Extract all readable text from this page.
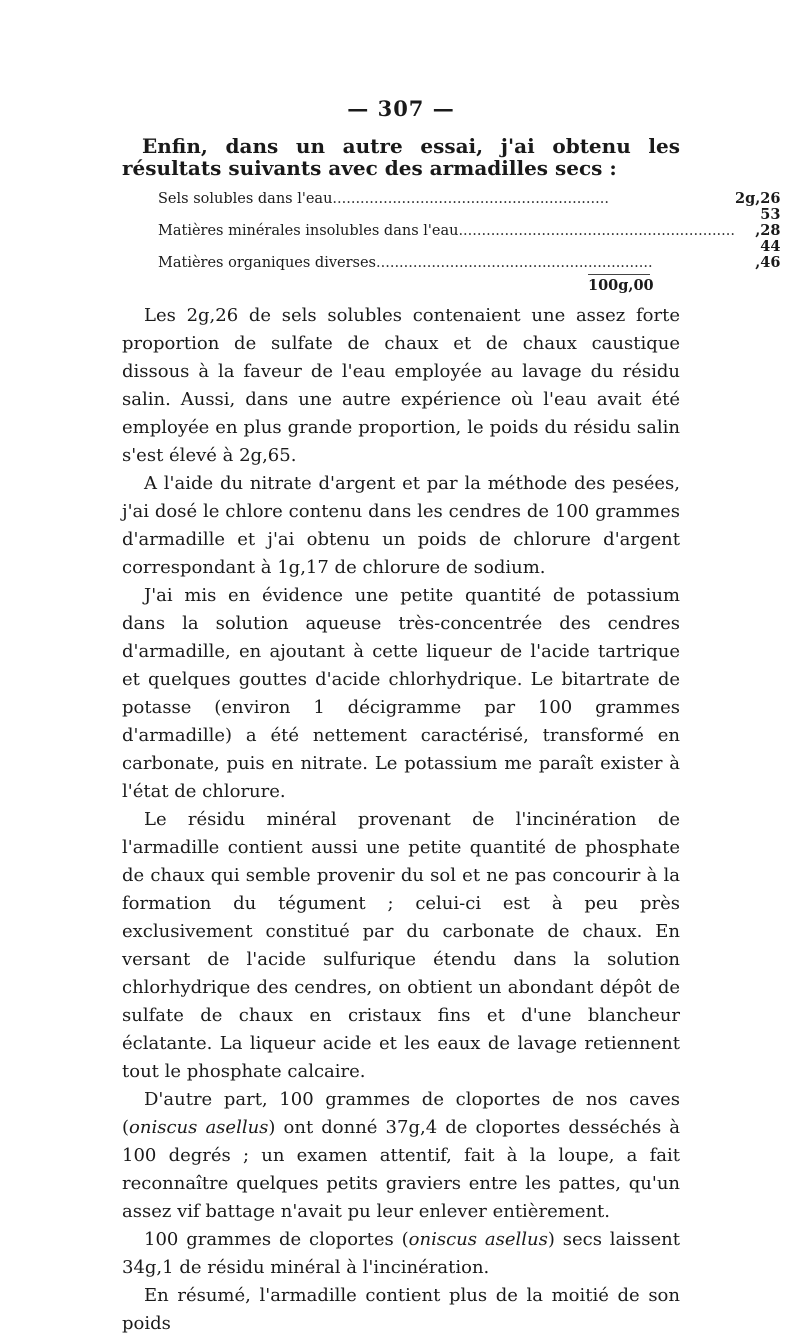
— 307 —

Enfin, dans un autre essai, j'ai obtenu les résultats suivants avec des armadilles secs :

Sels solubles dans l'eau............................................................	2g,26
Matières minérales insolubles dans l'eau............................................................	53 ,28
Matières organiques diverses............................................................	44 ,46
100g,00

Les 2g,26 de sels solubles contenaient une assez forte proportion de sulfate de chaux et de chaux caustique dissous à la faveur de l'eau employée au lavage du résidu salin. Aussi, dans une autre expérience où l'eau avait été employée en plus grande proportion, le poids du résidu salin s'est élevé à 2g,65.

A l'aide du nitrate d'argent et par la méthode des pesées, j'ai dosé le chlore contenu dans les cendres de 100 grammes d'armadille et j'ai obtenu un poids de chlorure d'argent correspondant à 1g,17 de chlorure de sodium.

J'ai mis en évidence une petite quantité de potassium dans la solution aqueuse très-concentrée des cendres d'armadille, en ajoutant à cette liqueur de l'acide tartrique et quelques gouttes d'acide chlorhydrique. Le bitartrate de potasse (environ 1 décigramme par 100 grammes d'armadille) a été nettement caractérisé, transformé en carbonate, puis en nitrate. Le potassium me paraît exister à l'état de chlorure.

Le résidu minéral provenant de l'incinération de l'armadille contient aussi une petite quantité de phosphate de chaux qui semble provenir du sol et ne pas concourir à la formation du tégument ; celui-ci est à peu près exclusivement constitué par du carbonate de chaux. En versant de l'acide sulfurique étendu dans la solution chlorhydrique des cendres, on obtient un abondant dépôt de sulfate de chaux en cristaux fins et d'une blancheur éclatante. La liqueur acide et les eaux de lavage retiennent tout le phosphate calcaire.

D'autre part, 100 grammes de cloportes de nos caves (oniscus asellus) ont donné 37g,4 de cloportes desséchés à 100 degrés ; un examen attentif, fait à la loupe, a fait reconnaître quelques petits graviers entre les pattes, qu'un assez vif battage n'avait pu leur enlever entièrement.

100 grammes de cloportes (oniscus asellus) secs laissent 34g,1 de résidu minéral à l'incinération.

En résumé, l'armadille contient plus de la moitié de son poids
